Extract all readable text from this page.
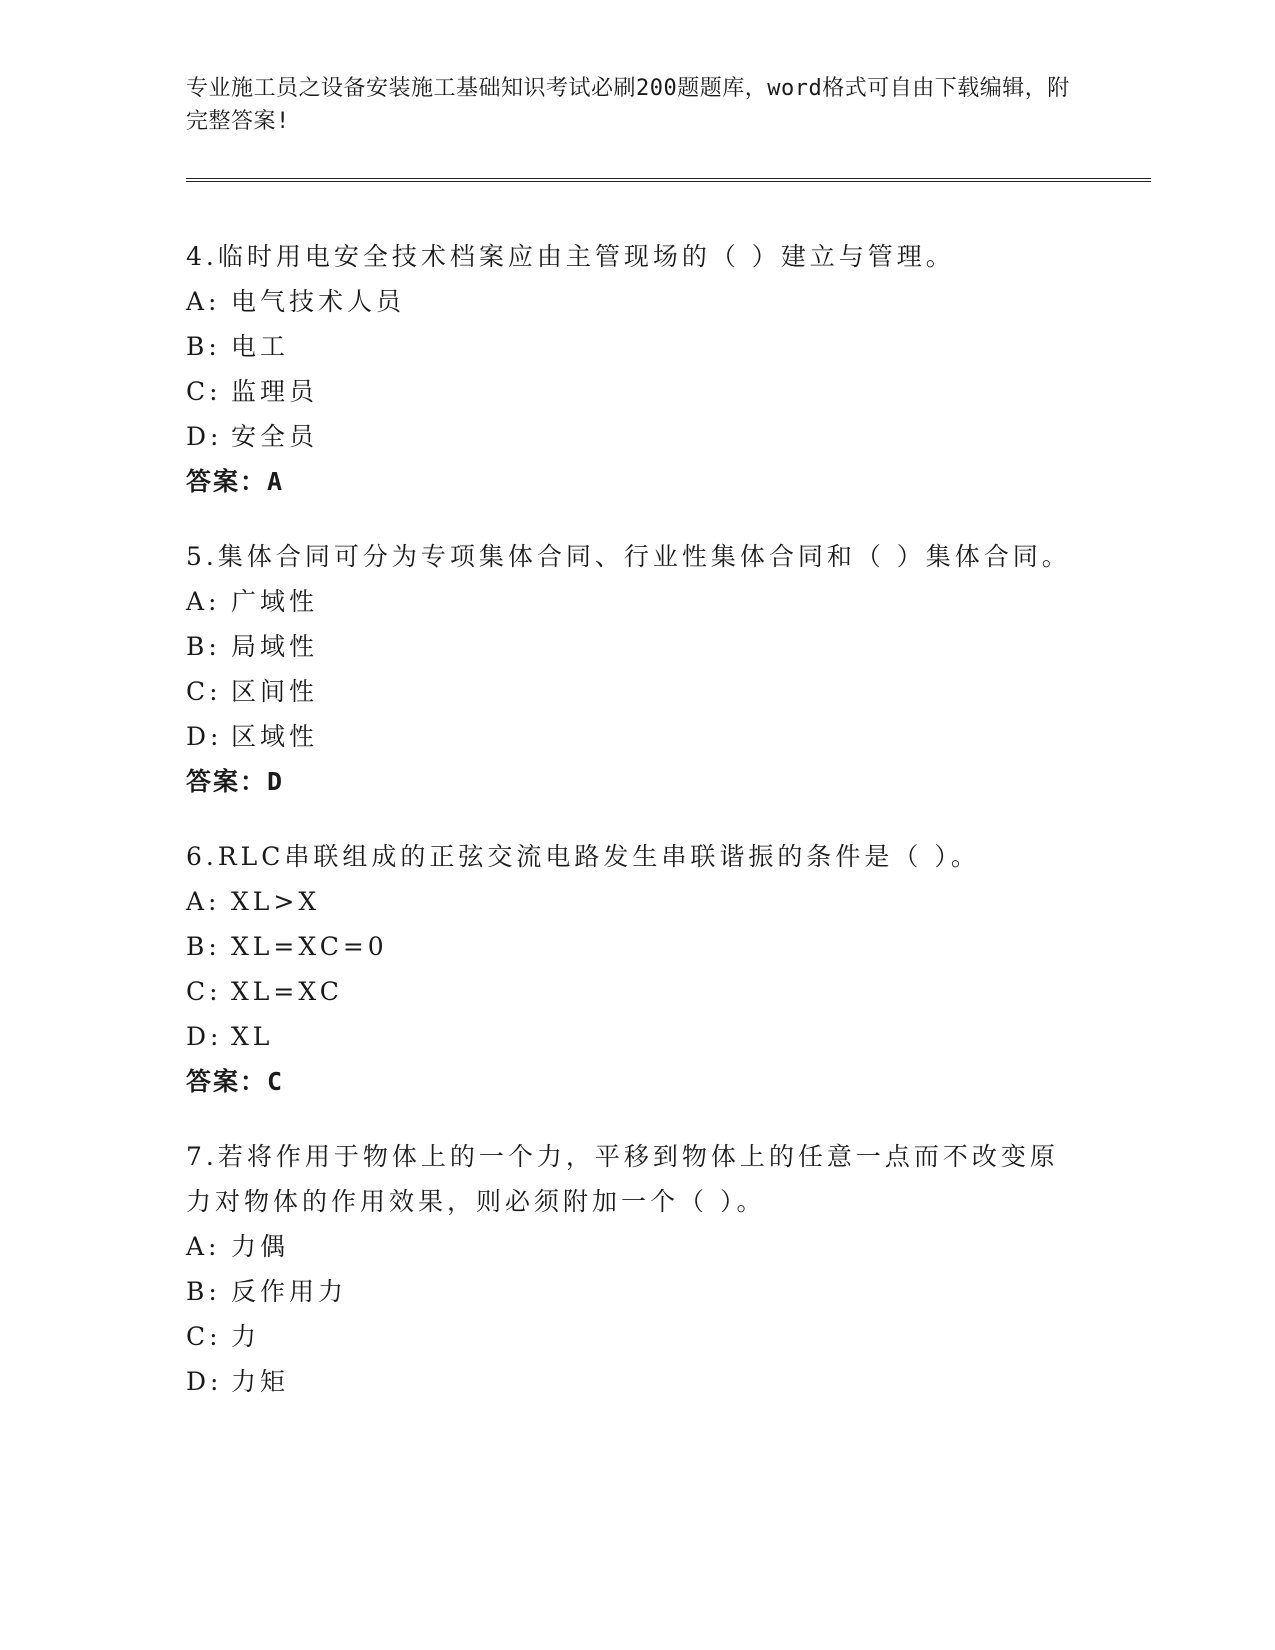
专业施工员之设备安装施工基础知识考试必刷200题题库，word格式可自由下载编辑，附完整答案!
4.临时用电安全技术档案应由主管现场的（ ）建立与管理。
A: 电气技术人员
B: 电工
C: 监理员
D: 安全员
答案：A
5.集体合同可分为专项集体合同、行业性集体合同和（ ）集体合同。
A: 广域性
B: 局域性
C: 区间性
D: 区域性
答案：D
6.RLC串联组成的正弦交流电路发生串联谐振的条件是（ ）。
A: XL>X
B: XL=XC=0
C: XL=XC
D: XL
答案：C
7.若将作用于物体上的一个力，平移到物体上的任意一点而不改变原力对物体的作用效果，则必须附加一个（ ）。
A: 力偶
B: 反作用力
C: 力
D: 力矩
